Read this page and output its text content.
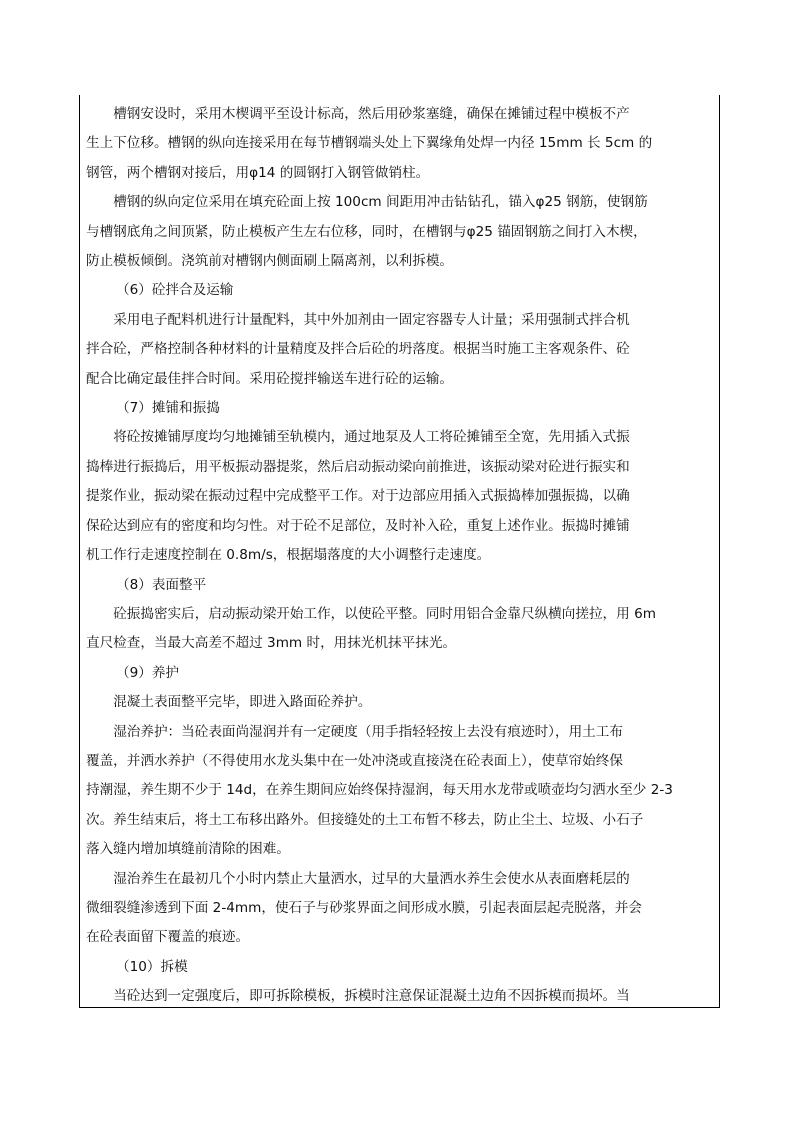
槽钢安设时，采用木楔调平至设计标高，然后用砂浆塞缝，确保在摊铺过程中模板不产

生上下位移。槽钢的纵向连接采用在每节槽钢端头处上下翼缘角处焊一内径 15mm 长 5cm 的

钢管，两个槽钢对接后，用φ14 的圆钢打入钢管做销柱。

槽钢的纵向定位采用在填充砼面上按 100cm 间距用冲击钻钻孔，锚入φ25 钢筋，使钢筋

与槽钢底角之间顶紧，防止模板产生左右位移，同时，在槽钢与φ25 锚固钢筋之间打入木楔，

防止模板倾倒。浇筑前对槽钢内侧面刷上隔离剂，以利拆模。

（6）砼拌合及运输

采用电子配料机进行计量配料，其中外加剂由一固定容器专人计量；采用强制式拌合机

拌合砼，严格控制各种材料的计量精度及拌合后砼的坍落度。根据当时施工主客观条件、砼

配合比确定最佳拌合时间。采用砼搅拌输送车进行砼的运输。

（7）摊铺和振捣

将砼按摊铺厚度均匀地摊铺至轨模内，通过地泵及人工将砼摊铺至全宽，先用插入式振

捣棒进行振捣后，用平板振动器提浆，然后启动振动梁向前推进，该振动梁对砼进行振实和

提浆作业，振动梁在振动过程中完成整平工作。对于边部应用插入式振捣棒加强振捣，以确

保砼达到应有的密度和均匀性。对于砼不足部位，及时补入砼，重复上述作业。振捣时摊铺

机工作行走速度控制在 0.8m/s，根据塌落度的大小调整行走速度。

（8）表面整平

砼振捣密实后，启动振动梁开始工作，以使砼平整。同时用铝合金靠尺纵横向搓拉，用 6m

直尺检查，当最大高差不超过 3mm 时，用抹光机抹平抹光。

（9）养护

混凝土表面整平完毕，即进入路面砼养护。

湿治养护：当砼表面尚湿润并有一定硬度（用手指轻轻按上去没有痕迹时），用土工布

覆盖，并洒水养护（不得使用水龙头集中在一处冲浇或直接浇在砼表面上），使草帘始终保

持潮湿，养生期不少于 14d，在养生期间应始终保持湿润，每天用水龙带或喷壶均匀洒水至少 2-3

次。养生结束后，将土工布移出路外。但接缝处的土工布暂不移去，防止尘土、垃圾、小石子

落入缝内增加填缝前清除的困难。

湿治养生在最初几个小时内禁止大量洒水，过早的大量洒水养生会使水从表面磨耗层的

微细裂缝渗透到下面 2-4mm，使石子与砂浆界面之间形成水膜，引起表面层起壳脱落，并会

在砼表面留下覆盖的痕迹。

（10）拆模

当砼达到一定强度后，即可拆除模板，拆模时注意保证混凝土边角不因拆模而损坏。当
